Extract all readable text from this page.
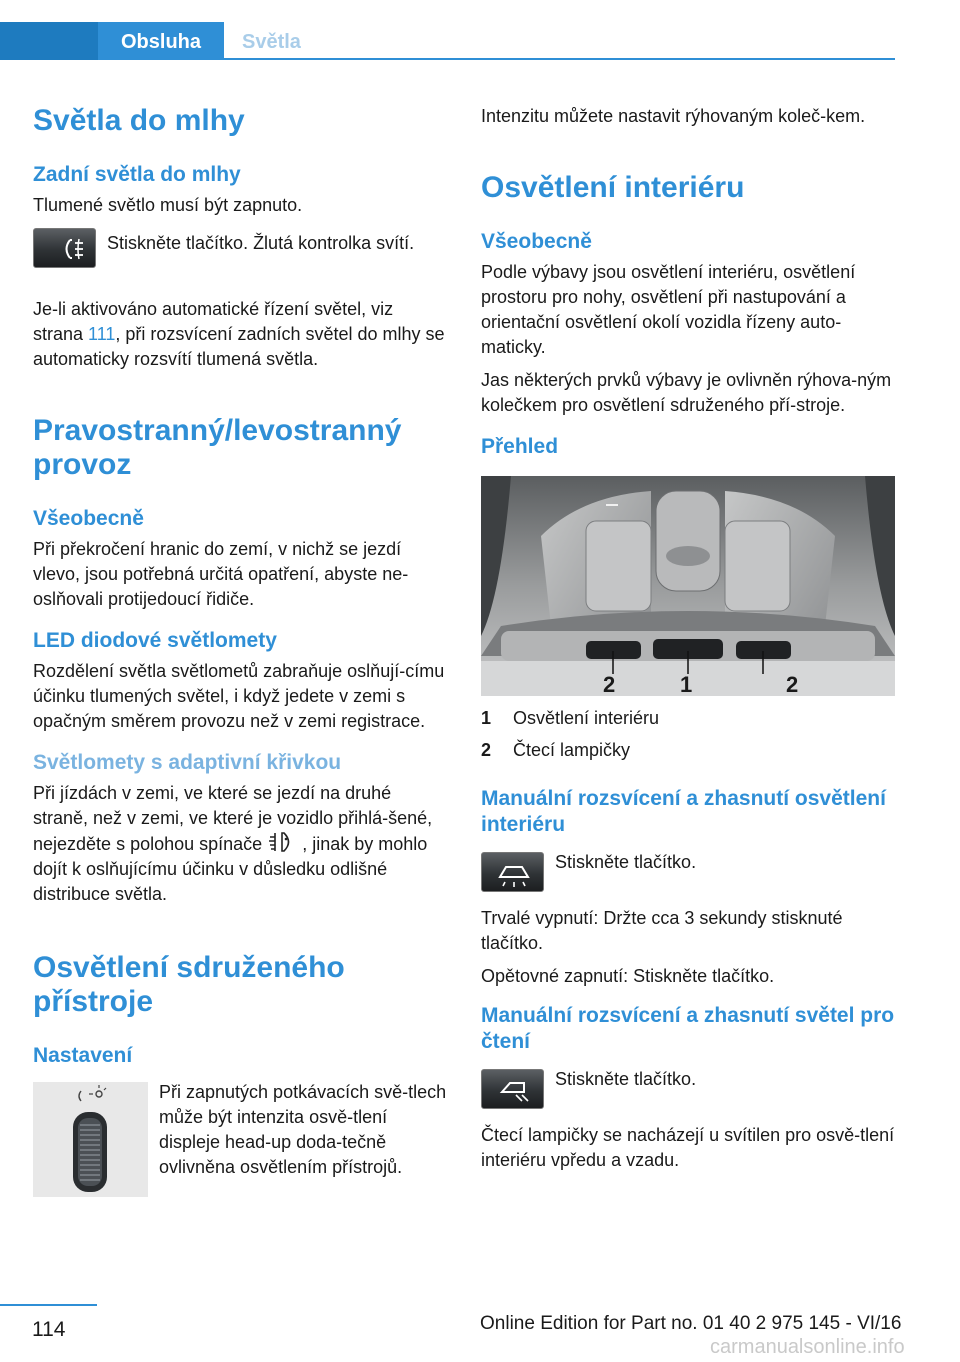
Obsluha	Světla
Světla do mlhy
Zadní světla do mlhy

Tlumené světlo musí být zapnuto.

Stiskněte tlačítko. Žlutá kontrolka svítí.

Je-li aktivováno automatické řízení světel, viz strana 111, při rozsvícení zadních světel do mlhy se automaticky rozsvítí tlumená světla.

Pravostranný/levostranný provoz
Všeobecně

Při překročení hranic do zemí, v nichž se jezdí vlevo, jsou potřebná určitá opatření, abyste ne-oslňovali protijedoucí řidiče.

LED diodové světlomety

Rozdělení světla světlometů zabraňuje oslňují-címu účinku tlumených světel, i když jedete v zemi s opačným směrem provozu než v zemi registrace.

Světlomety s adaptivní křivkou

Při jízdách v zemi, ve které se jezdí na druhé straně, než v zemi, ve které je vozidlo přihlá-šené, nejezděte s polohou spínače , jinak by mohlo dojít k oslňujícímu účinku v důsledku odlišné distribuce světla.

Osvětlení sdruženého přístroje
Nastavení

Při zapnutých potkávacích svě-tlech může být intenzita osvě-tlení displeje head-up doda-tečně ovlivněna osvětlením přístrojů.

Intenzitu můžete nastavit rýhovaným koleč-kem.

Osvětlení interiéru
Všeobecně

Podle výbavy jsou osvětlení interiéru, osvětlení prostoru pro nohy, osvětlení při nastupování a orientační osvětlení okolí vozidla řízeny auto-maticky.

Jas některých prvků výbavy je ovlivněn rýhova-ným kolečkem pro osvětlení sdruženého pří-stroje.

Přehled
2	1	2
1	Osvětlení interiéru
2	Čtecí lampičky
Manuální rozsvícení a zhasnutí osvětlení interiéru

Stiskněte tlačítko.

Trvalé vypnutí: Držte cca 3 sekundy stisknuté tlačítko.

Opětovné zapnutí: Stiskněte tlačítko.

Manuální rozsvícení a zhasnutí světel pro čtení

Stiskněte tlačítko.

Čtecí lampičky se nacházejí u svítilen pro osvě-tlení interiéru vpředu a vzadu.

114	Online Edition for Part no. 01 40 2 975 145 - VI/16
carmanualsonline.info
